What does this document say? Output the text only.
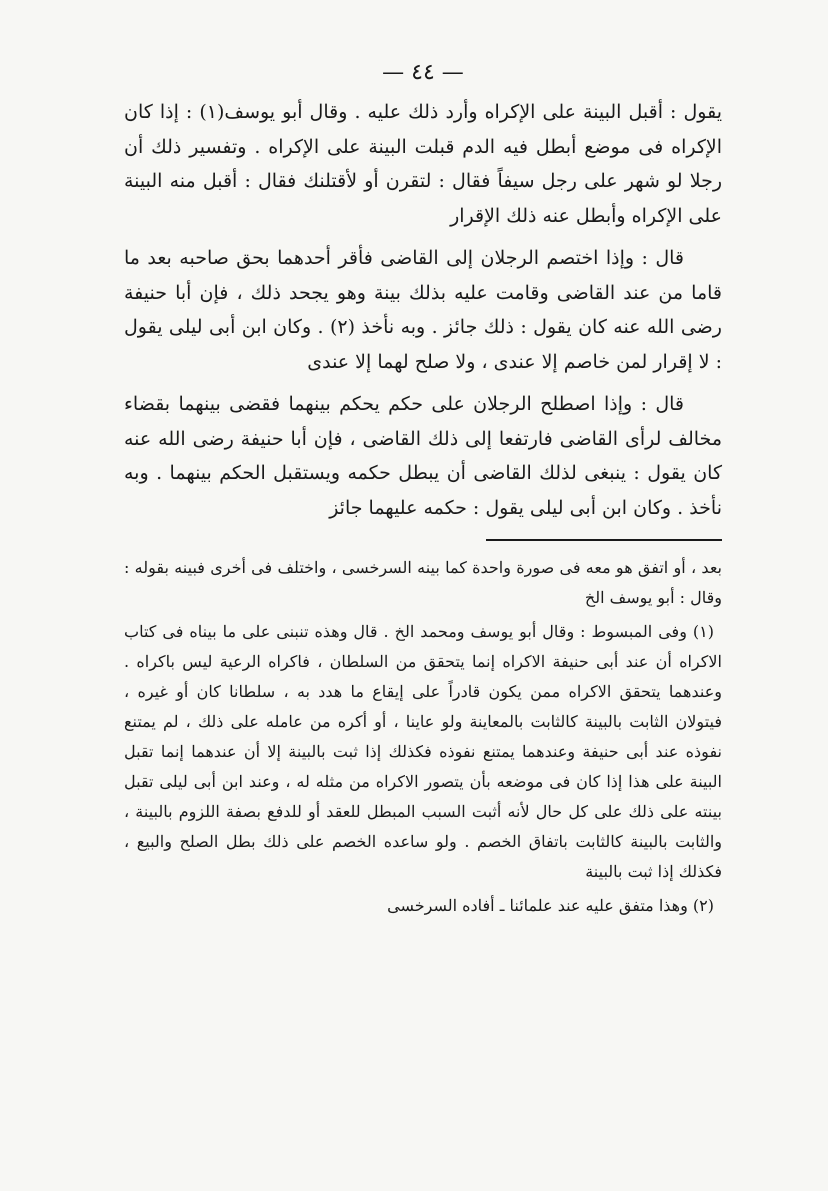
— ٤٤ —

يقول : أقبل البينة على الإكراه وأرد ذلك عليه . وقال أبو يوسف(١) : إذا كان الإكراه فى موضع أبطل فيه الدم قبلت البينة على الإكراه . وتفسير ذلك أن رجلا لو شهر على رجل سيفاً فقال : لتقرن أو لأقتلنك فقال : أقبل منه البينة على الإكراه وأبطل عنه ذلك الإقرار

قال : وإذا اختصم الرجلان إلى القاضى فأقر أحدهما بحق صاحبه بعد ما قاما من عند القاضى وقامت عليه بذلك بينة وهو يجحد ذلك ، فإن أبا حنيفة رضى الله عنه كان يقول : ذلك جائز . وبه نأخذ (٢) . وكان ابن أبى ليلى يقول : لا إقرار لمن خاصم إلا عندى ، ولا صلح لهما إلا عندى

قال : وإذا اصطلح الرجلان على حكم يحكم بينهما فقضى بينهما بقضاء مخالف لرأى القاضى فارتفعا إلى ذلك القاضى ، فإن أبا حنيفة رضى الله عنه كان يقول : ينبغى لذلك القاضى أن يبطل حكمه ويستقبل الحكم بينهما . وبه نأخذ . وكان ابن أبى ليلى يقول : حكمه عليهما جائز

بعد ، أو اتفق هو معه فى صورة واحدة كما بينه السرخسى ، واختلف فى أخرى فبينه بقوله : وقال : أبو يوسف الخ

(١) وفى المبسوط : وقال أبو يوسف ومحمد الخ . قال وهذه تنبنى على ما بيناه فى كتاب الاكراه أن عند أبى حنيفة الاكراه إنما يتحقق من السلطان ، فاكراه الرعية ليس باكراه . وعندهما يتحقق الاكراه ممن يكون قادراً على إيقاع ما هدد به ، سلطانا كان أو غيره ، فيتولان الثابت بالبينة كالثابت بالمعاينة ولو عاينا ، أو أكره من عامله على ذلك ، لم يمتنع نفوذه عند أبى حنيفة وعندهما يمتنع نفوذه فكذلك إذا ثبت بالبينة إلا أن عندهما إنما تقبل البينة على هذا إذا كان فى موضعه بأن يتصور الاكراه من مثله له ، وعند ابن أبى ليلى تقبل بينته على ذلك على كل حال لأنه أثبت السبب المبطل للعقد أو للدفع بصفة اللزوم بالبينة ، والثابت بالبينة كالثابت باتفاق الخصم . ولو ساعده الخصم على ذلك بطل الصلح والبيع ، فكذلك إذا ثبت بالبينة

(٢) وهذا متفق عليه عند علمائنا ـ أفاده السرخسى
